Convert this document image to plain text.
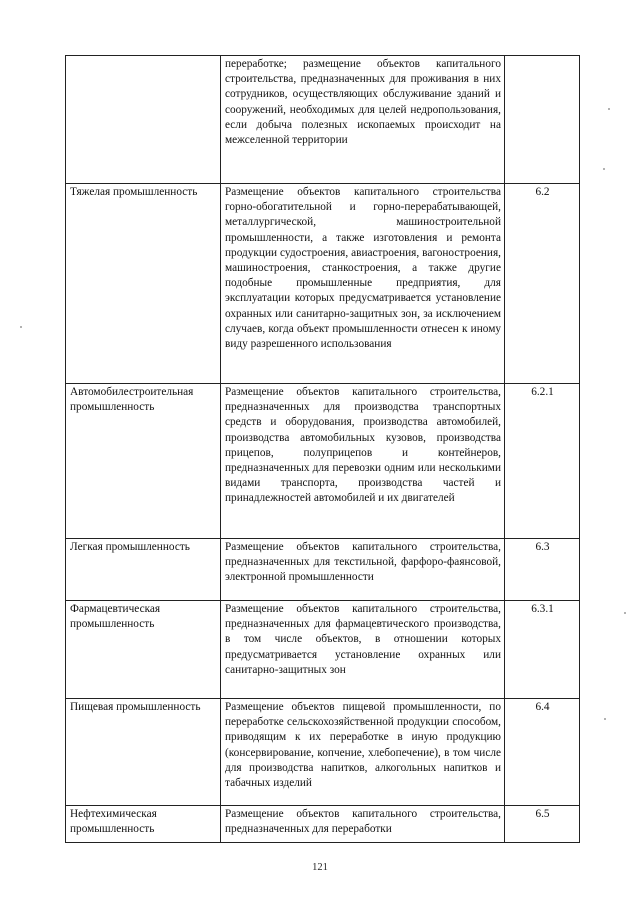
	переработке; размещение объектов капитального строительства, предназначенных для проживания в них сотрудников, осуществляющих обслуживание зданий и сооружений, необходимых для целей недропользования, если добыча полезных ископаемых происходит на межселенной территории	
Тяжелая промышленность	Размещение объектов капитального строительства горно-обогатительной и горно-перерабатывающей, металлургической, машиностроительной промышленности, а также изготовления и ремонта продукции судостроения, авиастроения, вагоностроения, машиностроения, станкостроения, а также другие подобные промышленные предприятия, для эксплуатации которых предусматривается установление охранных или санитарно-защитных зон, за исключением случаев, когда объект промышленности отнесен к иному виду разрешенного использования	6.2
Автомобилестроительная промышленность	Размещение объектов капитального строительства, предназначенных для производства транспортных средств и оборудования, производства автомобилей, производства автомобильных кузовов, производства прицепов, полуприцепов и контейнеров, предназначенных для перевозки одним или несколькими видами транспорта, производства частей и принадлежностей автомобилей и их двигателей	6.2.1
Легкая промышленность	Размещение объектов капитального строительства, предназначенных для текстильной, фарфоро-фаянсовой, электронной промышленности	6.3
Фармацевтическая промышленность	Размещение объектов капитального строительства, предназначенных для фармацевтического производства, в том числе объектов, в отношении которых предусматривается установление охранных или санитарно-защитных зон	6.3.1
Пищевая промышленность	Размещение объектов пищевой промышленности, по переработке сельскохозяйственной продукции способом, приводящим к их переработке в иную продукцию (консервирование, копчение, хлебопечение), в том числе для производства напитков, алкогольных напитков и табачных изделий	6.4
Нефтехимическая промышленность	Размещение объектов капитального строительства, предназначенных для переработки	6.5
121
